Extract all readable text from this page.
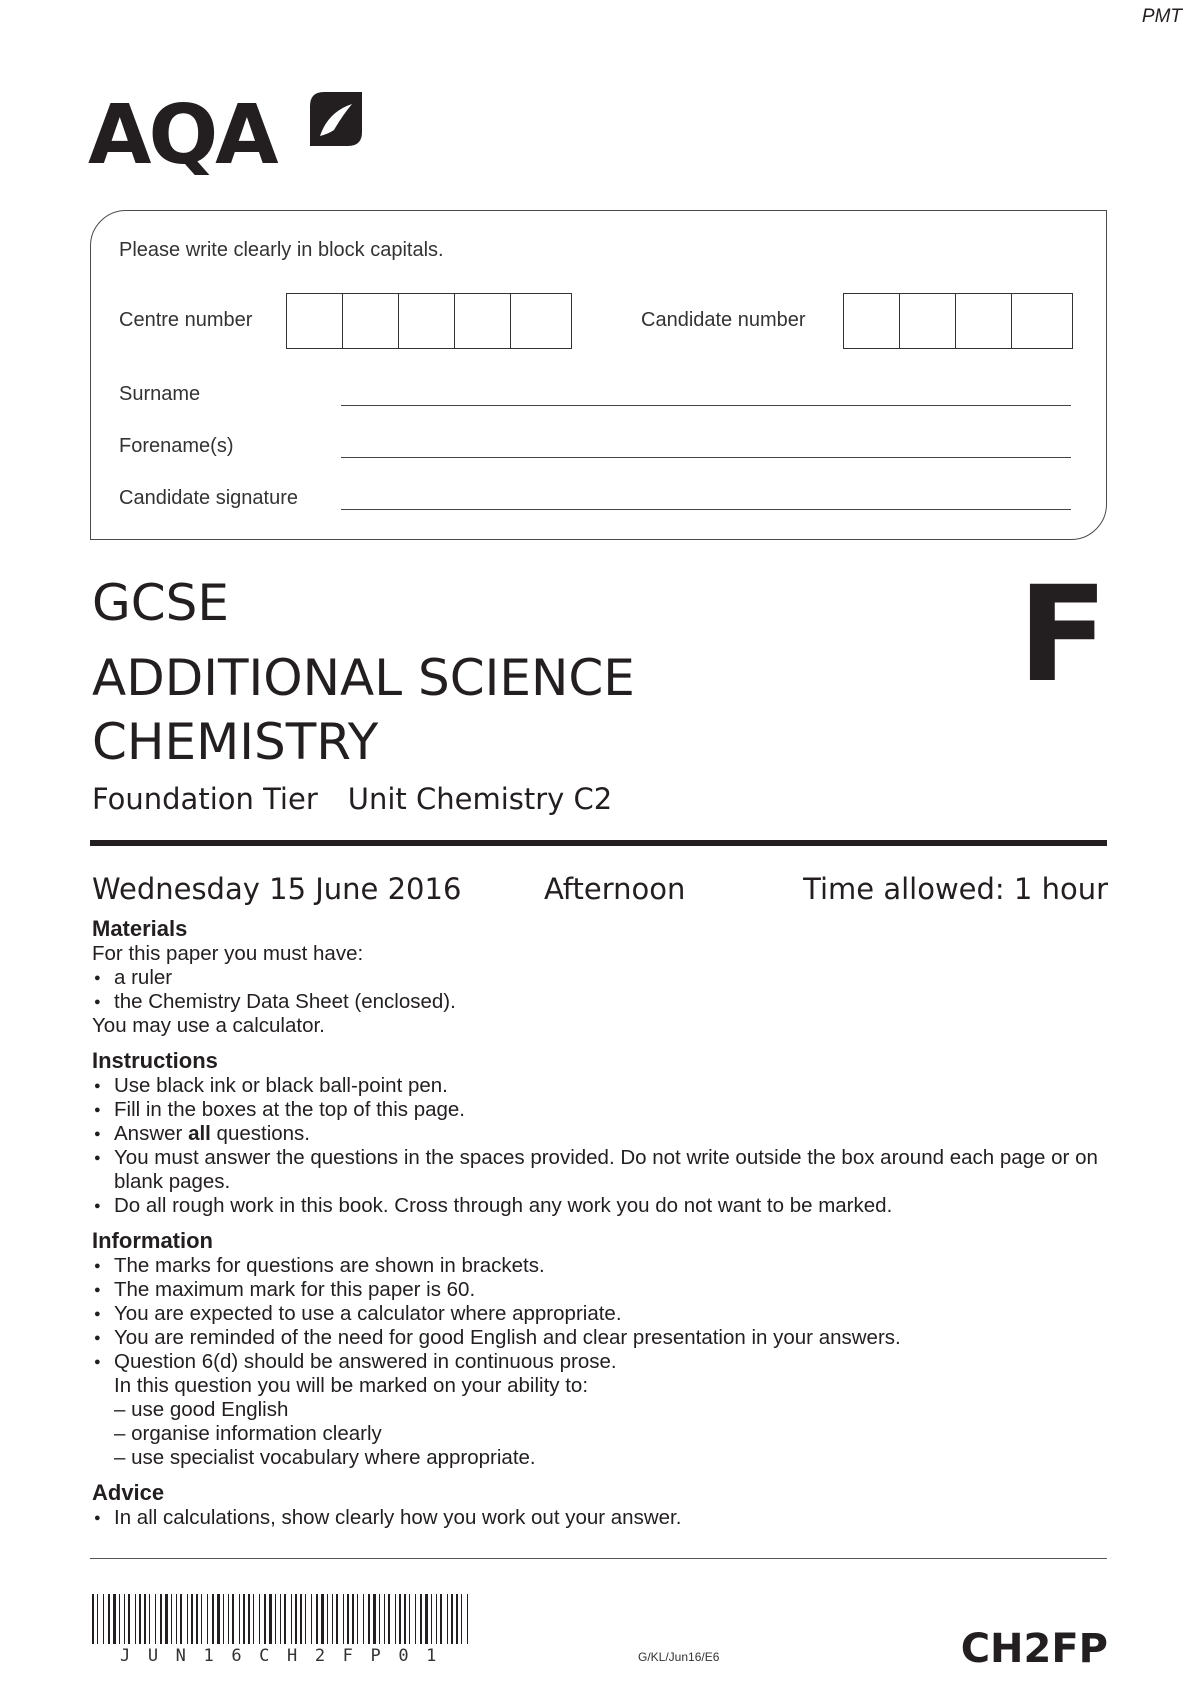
PMT
AQA
Please write clearly in block capitals.
Centre number	Candidate number
Surname
Forename(s)
Candidate signature
GCSE
ADDITIONAL SCIENCE
CHEMISTRY
F
Foundation Tier Unit Chemistry C2
Wednesday 15 June 2016	Afternoon	Time allowed: 1 hour
Materials
For this paper you must have:
● a ruler
● the Chemistry Data Sheet (enclosed).
You may use a calculator.
Instructions
● Use black ink or black ball-point pen.
● Fill in the boxes at the top of this page.
● Answer all questions.
● You must answer the questions in the spaces provided. Do not write outside the box around each page or on blank pages.
● Do all rough work in this book. Cross through any work you do not want to be marked.
Information
● The marks for questions are shown in brackets.
● The maximum mark for this paper is 60.
● You are expected to use a calculator where appropriate.
● You are reminded of the need for good English and clear presentation in your answers.
● Question 6(d) should be answered in continuous prose.
In this question you will be marked on your ability to:
– use good English
– organise information clearly
– use specialist vocabulary where appropriate.
Advice
● In all calculations, show clearly how you work out your answer.
JUN16CH2FP01	G/KL/Jun16/E6	CH2FP
